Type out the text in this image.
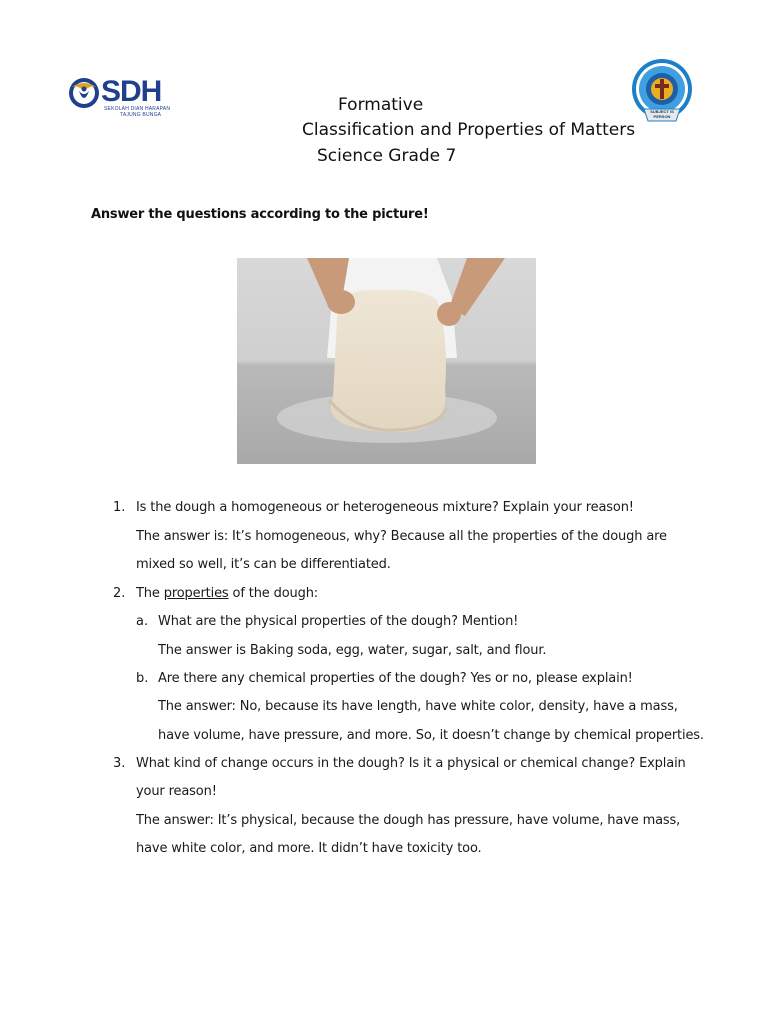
SDH
SEKOLAH DIAN HARAPAN
TAJUNG BUNGA
SUBJECT IS PERSON
Formative
Classification and Properties of Matters
Science Grade 7
Answer the questions according to the picture!
1. Is the dough a homogeneous or heterogeneous mixture? Explain your reason!
The answer is: It’s homogeneous, why? Because all the properties of the dough are
mixed so well, it’s can be differentiated.
2. The properties of the dough:
a. What are the physical properties of the dough? Mention!
The answer is Baking soda, egg, water, sugar, salt, and flour.
b. Are there any chemical properties of the dough? Yes or no, please explain!
The answer: No, because its have length, have white color, density, have a mass,
have volume, have pressure, and more. So, it doesn’t change by chemical properties.
3. What kind of change occurs in the dough? Is it a physical or chemical change? Explain
your reason!
The answer: It’s physical, because the dough has pressure, have volume, have mass,
have white color, and more. It didn’t have toxicity too.
